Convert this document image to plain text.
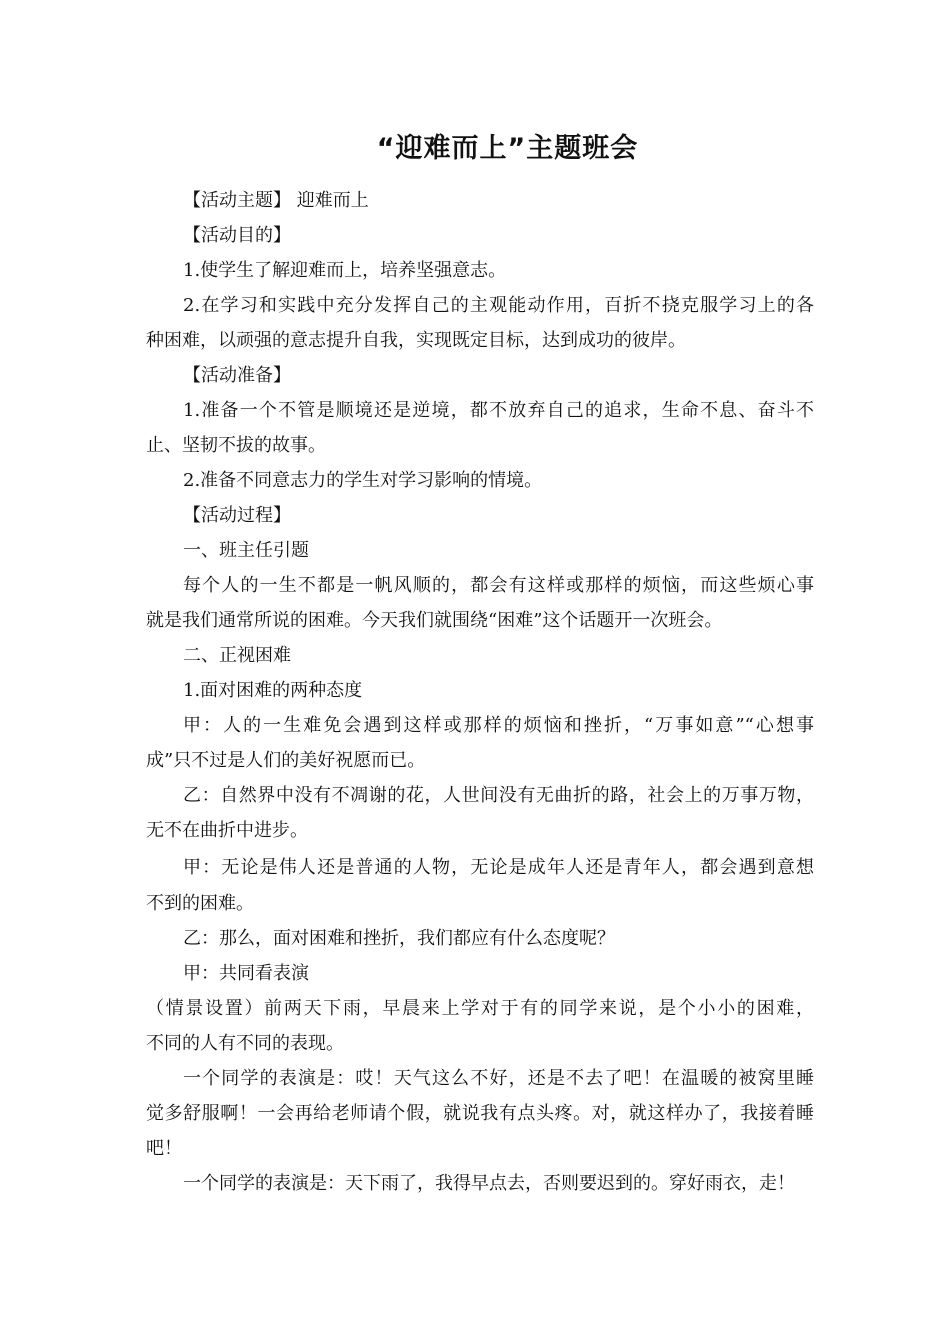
“迎难而上”主题班会
【活动主题】 迎难而上
【活动目的】
1.使学生了解迎难而上，培养坚强意志。
2.在学习和实践中充分发挥自己的主观能动作用，百折不挠克服学习上的各
种困难，以顽强的意志提升自我，实现既定目标，达到成功的彼岸。
【活动准备】
1.准备一个不管是顺境还是逆境，都不放弃自己的追求，生命不息、奋斗不
止、坚韧不拔的故事。
2.准备不同意志力的学生对学习影响的情境。
【活动过程】
一、班主任引题
每个人的一生不都是一帆风顺的，都会有这样或那样的烦恼，而这些烦心事
就是我们通常所说的困难。今天我们就围绕“困难”这个话题开一次班会。
二、正视困难
1.面对困难的两种态度
甲：人的一生难免会遇到这样或那样的烦恼和挫折，“万事如意”“心想事
成”只不过是人们的美好祝愿而已。
乙：自然界中没有不凋谢的花，人世间没有无曲折的路，社会上的万事万物，
无不在曲折中进步。
甲：无论是伟人还是普通的人物，无论是成年人还是青年人，都会遇到意想
不到的困难。
乙：那么，面对困难和挫折，我们都应有什么态度呢？
甲：共同看表演
（情景设置）前两天下雨，早晨来上学对于有的同学来说，是个小小的困难，
不同的人有不同的表现。
一个同学的表演是：哎！天气这么不好，还是不去了吧！在温暖的被窝里睡
觉多舒服啊！一会再给老师请个假，就说我有点头疼。对，就这样办了，我接着睡
吧！
一个同学的表演是：天下雨了，我得早点去，否则要迟到的。穿好雨衣，走！
